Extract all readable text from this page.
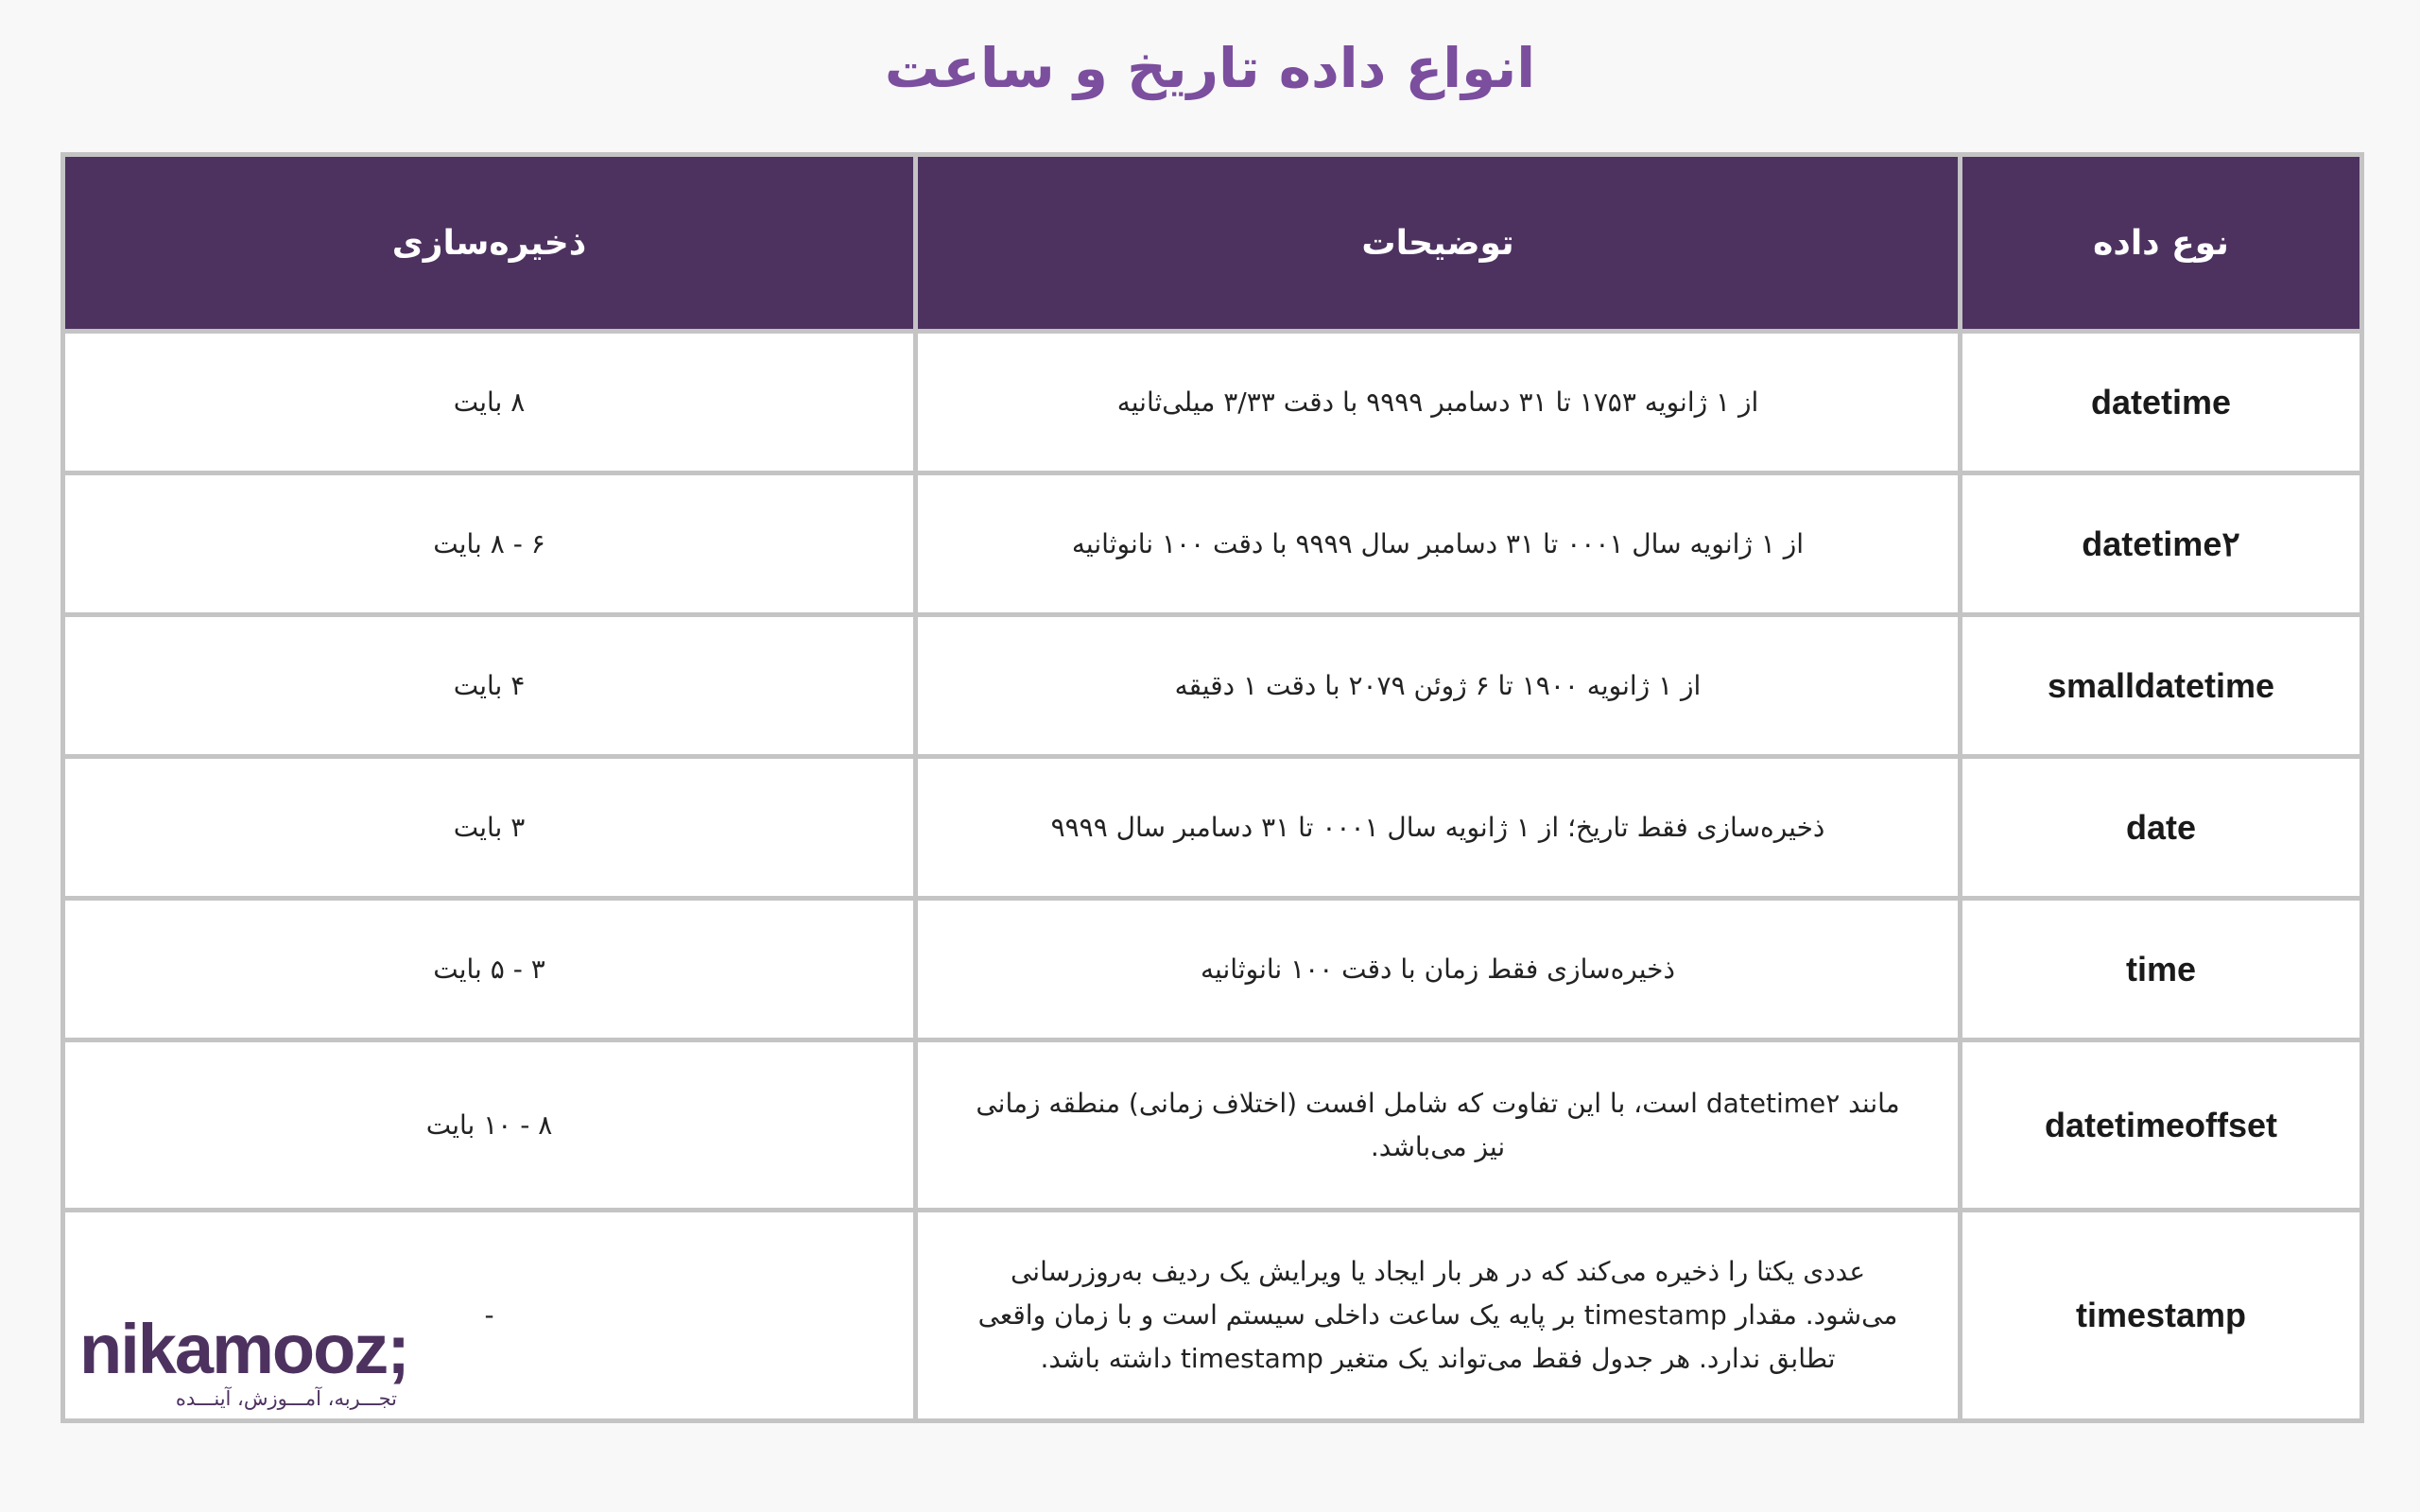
انواع داده تاریخ و ساعت
نوع داده	توضیحات	ذخیره‌سازی
datetime	از ۱ ژانویه ۱۷۵۳ تا ۳۱ دسامبر ۹۹۹۹ با دقت ۳/۳۳ میلی‌ثانیه	۸ بایت
datetime۲	از ۱ ژانویه سال ۰۰۰۱ تا ۳۱ دسامبر سال ۹۹۹۹ با دقت ۱۰۰ نانوثانیه	۶ - ۸ بایت
smalldatetime	از ۱ ژانویه ۱۹۰۰ تا ۶ ژوئن ۲۰۷۹ با دقت ۱ دقیقه	۴ بایت
date	ذخیره‌سازی فقط تاریخ؛ از ۱ ژانویه سال ۰۰۰۱ تا ۳۱ دسامبر سال ۹۹۹۹	۳ بایت
time	ذخیره‌سازی فقط زمان با دقت ۱۰۰ نانوثانیه	۳ - ۵ بایت
datetimeoffset	مانند datetime۲ است، با این تفاوت که شامل افست (اختلاف زمانی) منطقه زمانی نیز می‌باشد.	۸ - ۱۰ بایت
timestamp	عددی یکتا را ذخیره می‌کند که در هر بار ایجاد یا ویرایش یک ردیف به‌روزرسانی می‌شود. مقدار timestamp بر پایه یک ساعت داخلی سیستم است و با زمان واقعی تطابق ندارد. هر جدول فقط می‌تواند یک متغیر timestamp داشته باشد.	-
nikamooz;
تجـــربه، آمـــوزش، آینـــده
